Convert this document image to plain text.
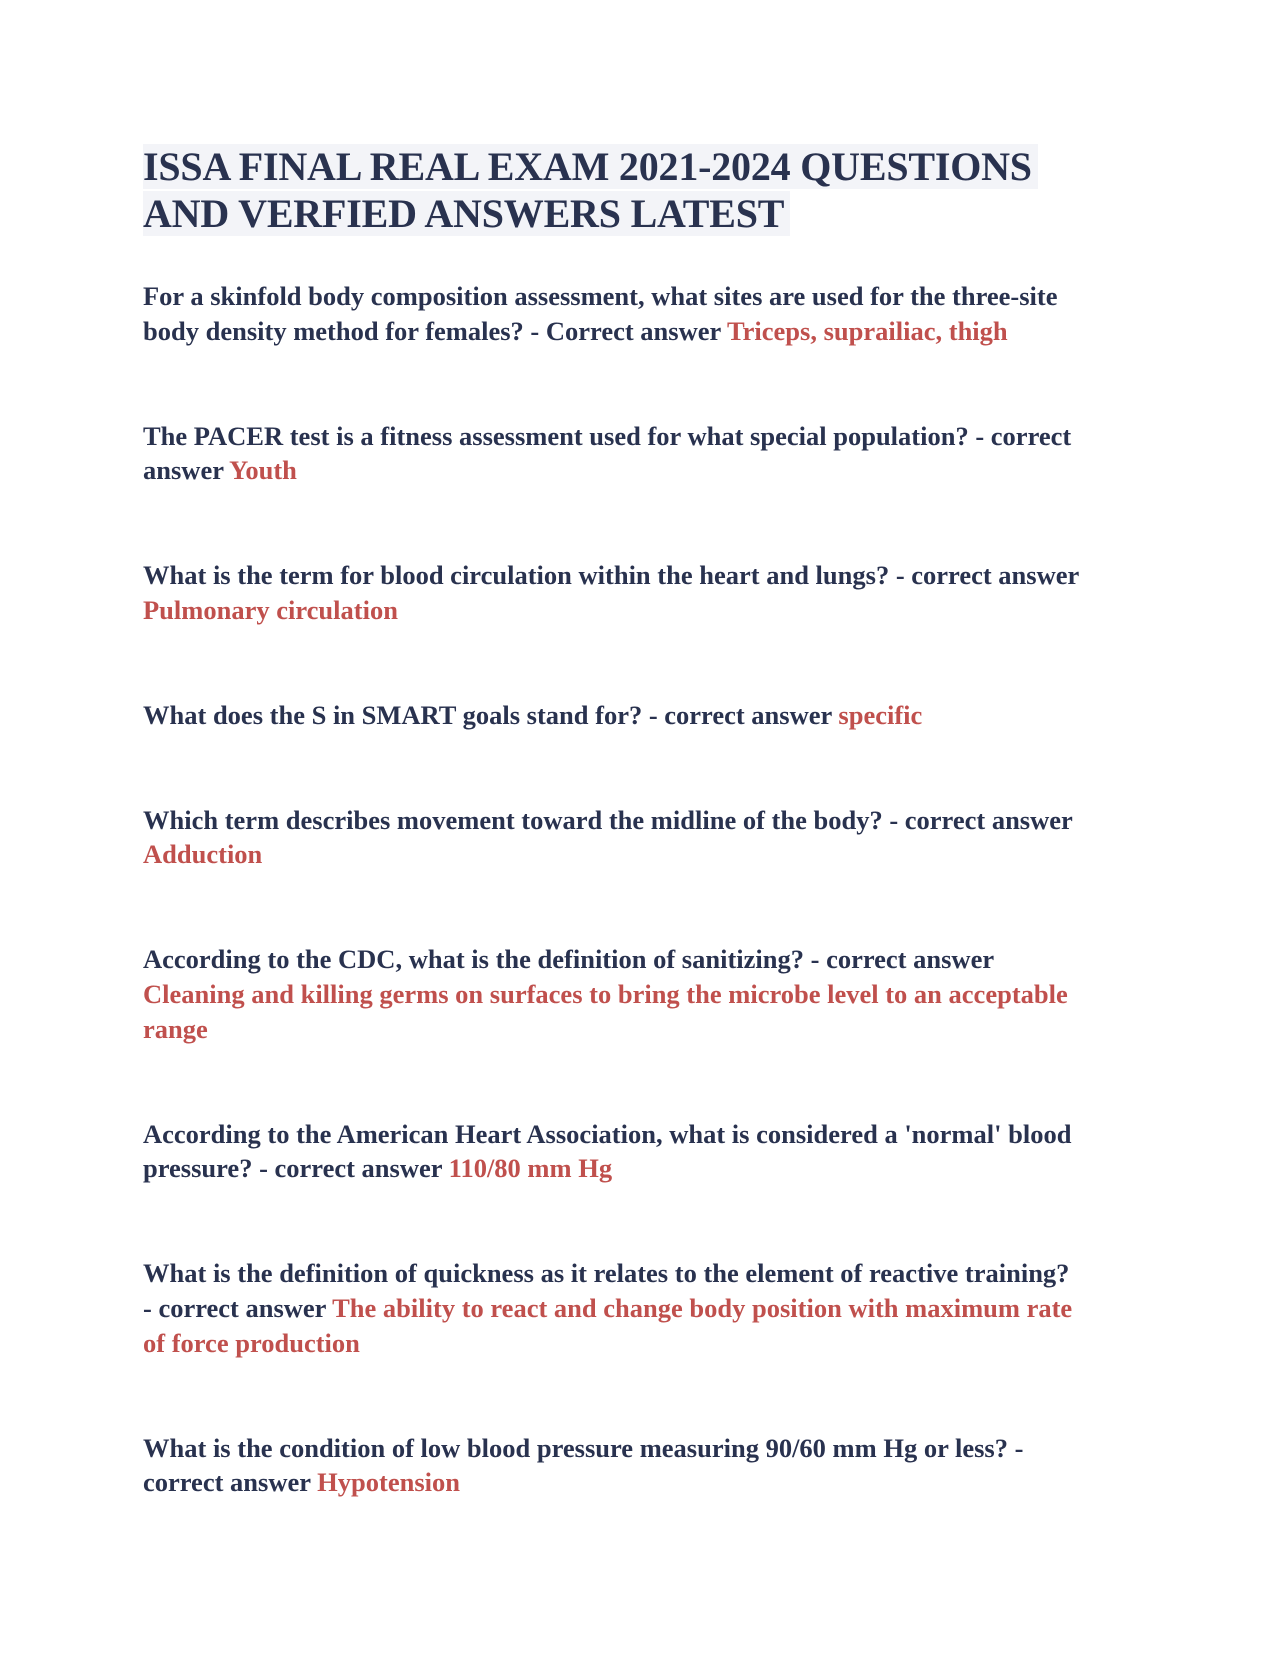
ISSA FINAL REAL EXAM 2021-2024 QUESTIONS AND VERFIED ANSWERS LATEST

For a skinfold body composition assessment, what sites are used for the three-site body density method for females? - Correct answer Triceps, suprailiac, thigh

The PACER test is a fitness assessment used for what special population? - correct answer Youth

What is the term for blood circulation within the heart and lungs? - correct answer Pulmonary circulation

What does the S in SMART goals stand for? - correct answer specific

Which term describes movement toward the midline of the body? - correct answer Adduction

According to the CDC, what is the definition of sanitizing? - correct answer Cleaning and killing germs on surfaces to bring the microbe level to an acceptable range

According to the American Heart Association, what is considered a 'normal' blood pressure? - correct answer 110/80 mm Hg

What is the definition of quickness as it relates to the element of reactive training? - correct answer The ability to react and change body position with maximum rate of force production

What is the condition of low blood pressure measuring 90/60 mm Hg or less? - correct answer Hypotension
